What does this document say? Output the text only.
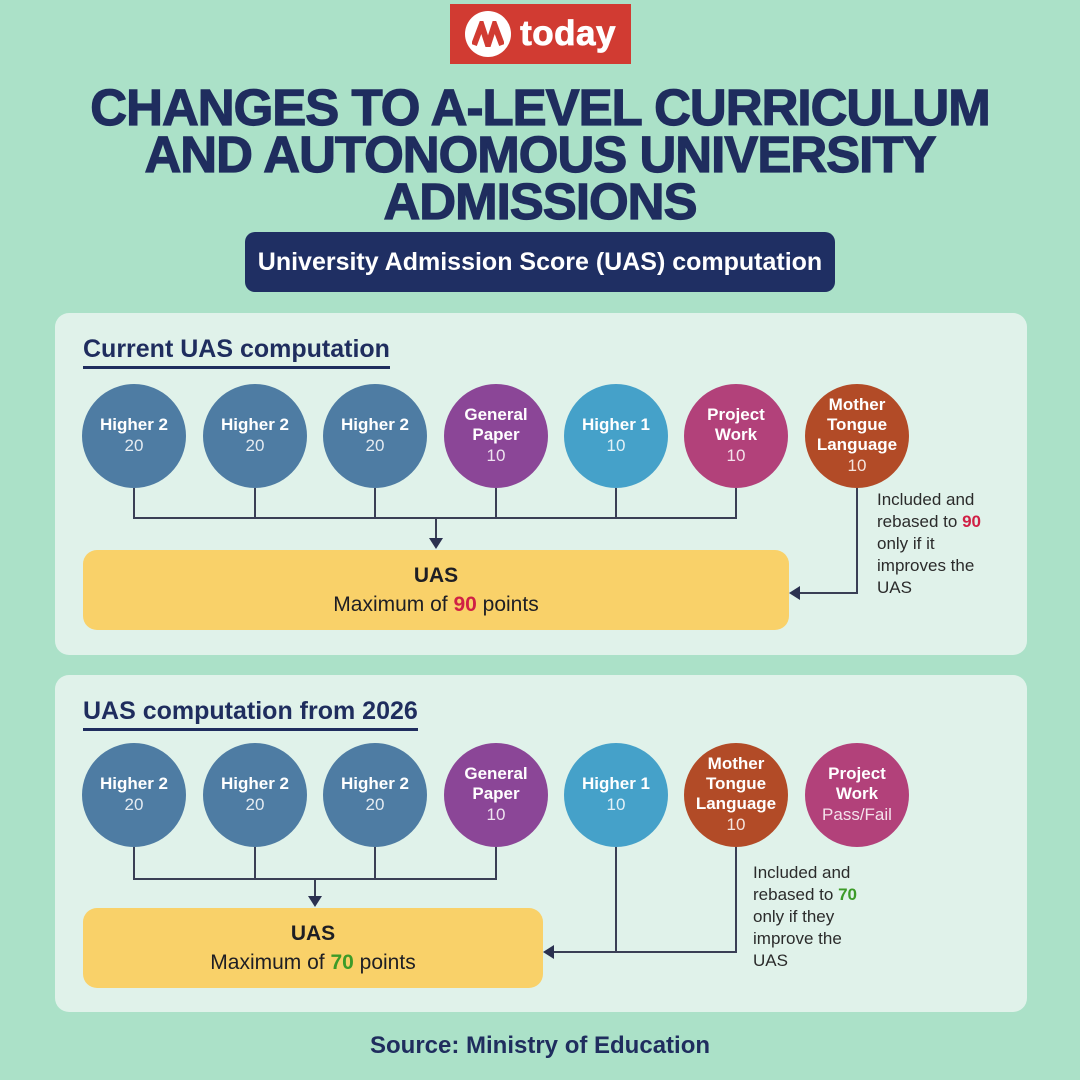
today
CHANGES TO A-LEVEL CURRICULUM
AND AUTONOMOUS UNIVERSITY
ADMISSIONS
University Admission Score (UAS) computation
Current UAS computation
Higher 2
20
Higher 2
20
Higher 2
20
General Paper
10
Higher 1
10
Project Work
10
Mother Tongue Language
10
UAS
Maximum of 90 points
Included and
rebased to 90
only if it
improves the
UAS
UAS computation from 2026
Higher 2
20
Higher 2
20
Higher 2
20
General Paper
10
Higher 1
10
Mother Tongue Language
10
Project Work
Pass/Fail
UAS
Maximum of 70 points
Included and
rebased to 70
only if they
improve the
UAS
Source: Ministry of Education
